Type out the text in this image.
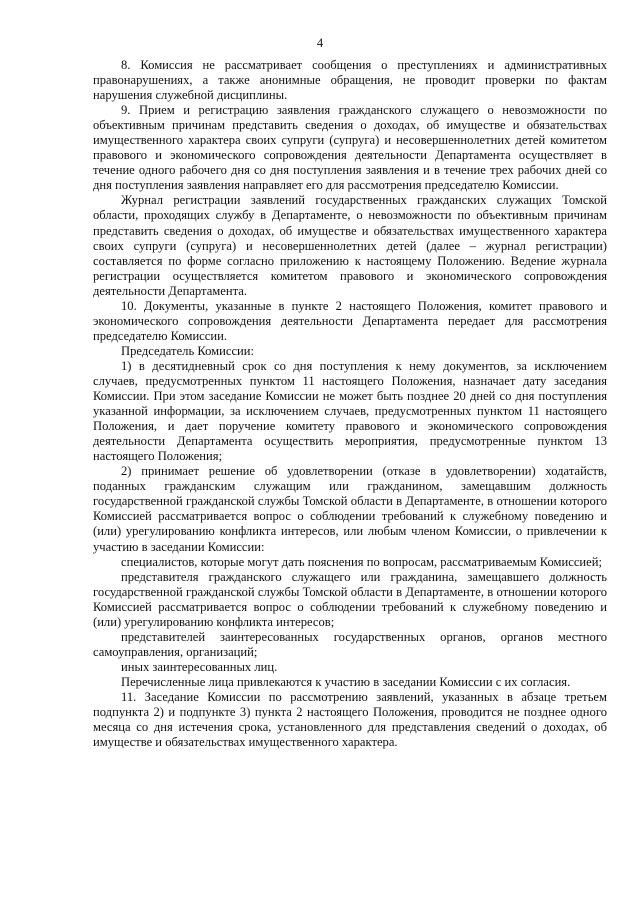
4

8. Комиссия не рассматривает сообщения о преступлениях и административных правонарушениях, а также анонимные обращения, не проводит проверки по фактам нарушения служебной дисциплины.

9. Прием и регистрацию заявления гражданского служащего о невозможности по объективным причинам представить сведения о доходах, об имуществе и обязательствах имущественного характера своих супруги (супруга) и несовершеннолетних детей комитетом правового и экономического сопровождения деятельности Департамента осуществляет в течение одного рабочего дня со дня поступления заявления и в течение трех рабочих дней со дня поступления заявления направляет его для рассмотрения председателю Комиссии.

Журнал регистрации заявлений государственных гражданских служащих Томской области, проходящих службу в Департаменте, о невозможности по объективным причинам представить сведения о доходах, об имуществе и обязательствах имущественного характера своих супруги (супруга) и несовершеннолетних детей (далее – журнал регистрации) составляется по форме согласно приложению к настоящему Положению. Ведение журнала регистрации осуществляется комитетом правового и экономического сопровождения деятельности Департамента.

10. Документы, указанные в пункте 2 настоящего Положения, комитет правового и экономического сопровождения деятельности Департамента передает для рассмотрения председателю Комиссии.

Председатель Комиссии:

1) в десятидневный срок со дня поступления к нему документов, за исключением случаев, предусмотренных пунктом 11 настоящего Положения, назначает дату заседания Комиссии. При этом заседание Комиссии не может быть позднее 20 дней со дня поступления указанной информации, за исключением случаев, предусмотренных пунктом 11 настоящего Положения, и дает поручение комитету правового и экономического сопровождения деятельности Департамента осуществить мероприятия, предусмотренные пунктом 13 настоящего Положения;

2) принимает решение об удовлетворении (отказе в удовлетворении) ходатайств, поданных гражданским служащим или гражданином, замещавшим должность государственной гражданской службы Томской области в Департаменте, в отношении которого Комиссией рассматривается вопрос о соблюдении требований к служебному поведению и (или) урегулированию конфликта интересов, или любым членом Комиссии, о привлечении к участию в заседании Комиссии:

специалистов, которые могут дать пояснения по вопросам, рассматриваемым Комиссией;

представителя гражданского служащего или гражданина, замещавшего должность государственной гражданской службы Томской области в Департаменте, в отношении которого Комиссией рассматривается вопрос о соблюдении требований к служебному поведению и (или) урегулированию конфликта интересов;

представителей заинтересованных государственных органов, органов местного самоуправления, организаций;

иных заинтересованных лиц.

Перечисленные лица привлекаются к участию в заседании Комиссии с их согласия.

11. Заседание Комиссии по рассмотрению заявлений, указанных в абзаце третьем подпункта 2) и подпункте 3) пункта 2 настоящего Положения, проводится не позднее одного месяца со дня истечения срока, установленного для представления сведений о доходах, об имуществе и обязательствах имущественного характера.
